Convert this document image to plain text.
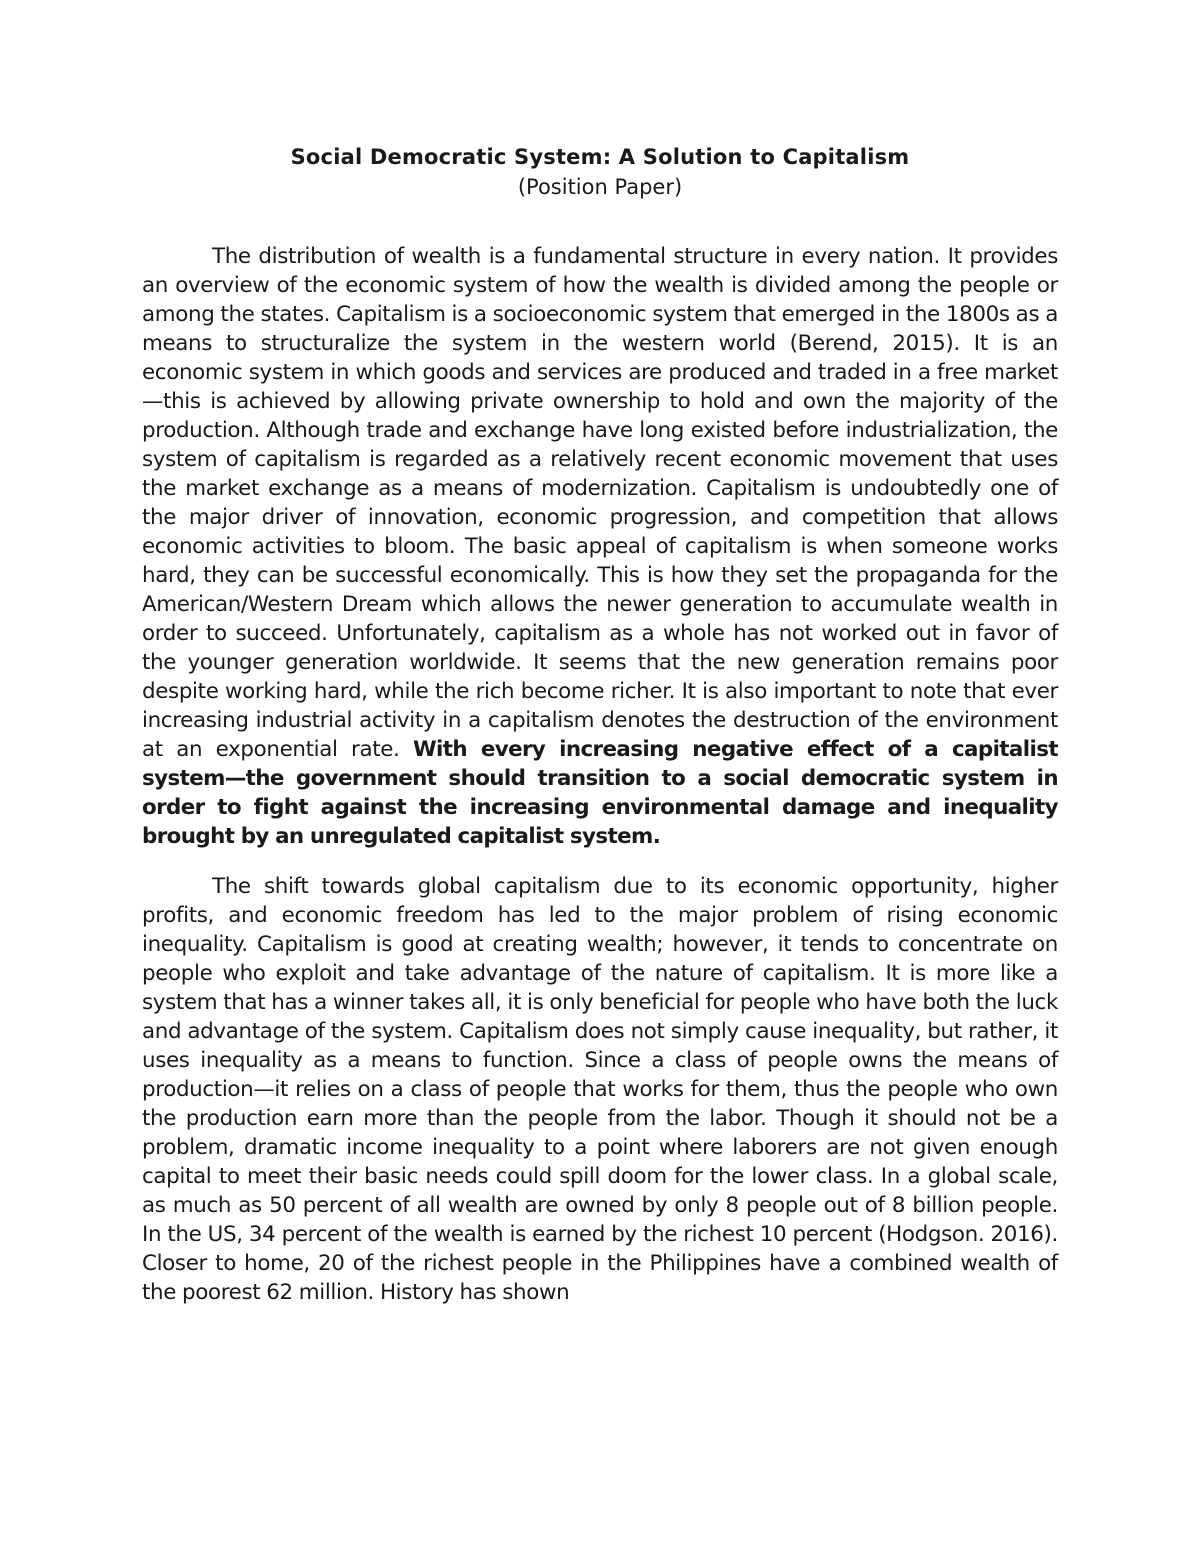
Social Democratic System: A Solution to Capitalism
(Position Paper)

The distribution of wealth is a fundamental structure in every nation. It provides an overview of the economic system of how the wealth is divided among the people or among the states. Capitalism is a socioeconomic system that emerged in the 1800s as a means to structuralize the system in the western world (Berend, 2015). It is an economic system in which goods and services are produced and traded in a free market—this is achieved by allowing private ownership to hold and own the majority of the production. Although trade and exchange have long existed before industrialization, the system of capitalism is regarded as a relatively recent economic movement that uses the market exchange as a means of modernization. Capitalism is undoubtedly one of the major driver of innovation, economic progression, and competition that allows economic activities to bloom. The basic appeal of capitalism is when someone works hard, they can be successful economically. This is how they set the propaganda for the American/Western Dream which allows the newer generation to accumulate wealth in order to succeed. Unfortunately, capitalism as a whole has not worked out in favor of the younger generation worldwide. It seems that the new generation remains poor despite working hard, while the rich become richer. It is also important to note that ever increasing industrial activity in a capitalism denotes the destruction of the environment at an exponential rate. With every increasing negative effect of a capitalist system—the government should transition to a social democratic system in order to fight against the increasing environmental damage and inequality brought by an unregulated capitalist system.

The shift towards global capitalism due to its economic opportunity, higher profits, and economic freedom has led to the major problem of rising economic inequality. Capitalism is good at creating wealth; however, it tends to concentrate on people who exploit and take advantage of the nature of capitalism. It is more like a system that has a winner takes all, it is only beneficial for people who have both the luck and advantage of the system. Capitalism does not simply cause inequality, but rather, it uses inequality as a means to function. Since a class of people owns the means of production—it relies on a class of people that works for them, thus the people who own the production earn more than the people from the labor. Though it should not be a problem, dramatic income inequality to a point where laborers are not given enough capital to meet their basic needs could spill doom for the lower class. In a global scale, as much as 50 percent of all wealth are owned by only 8 people out of 8 billion people. In the US, 34 percent of the wealth is earned by the richest 10 percent (Hodgson. 2016). Closer to home, 20 of the richest people in the Philippines have a combined wealth of the poorest 62 million. History has shown
